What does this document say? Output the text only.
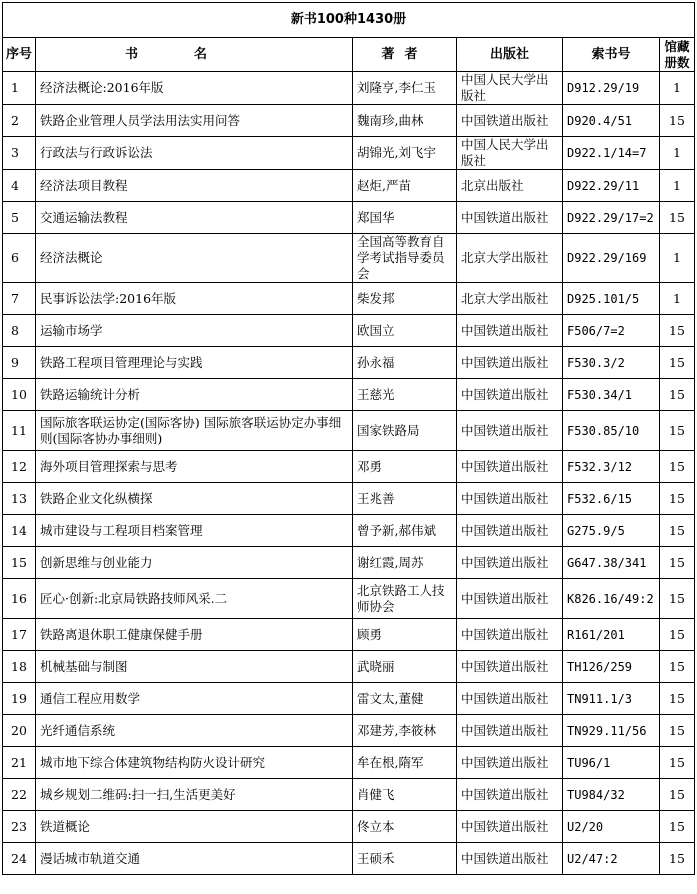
新书100种1430册					
序号	书名	著者	出版社	索书号	馆藏册数
1	经济法概论:2016年版	刘隆亨,李仁玉	中国人民大学出版社	D912.29/19	1
2	铁路企业管理人员学法用法实用问答	魏南珍,曲林	中国铁道出版社	D920.4/51	15
3	行政法与行政诉讼法	胡锦光,刘飞宇	中国人民大学出版社	D922.1/14=7	1
4	经济法项目教程	赵炬,严苗	北京出版社	D922.29/11	1
5	交通运输法教程	郑国华	中国铁道出版社	D922.29/17=2	15
6	经济法概论	全国高等教育自学考试指导委员会	北京大学出版社	D922.29/169	1
7	民事诉讼法学:2016年版	柴发邦	北京大学出版社	D925.101/5	1
8	运输市场学	欧国立	中国铁道出版社	F506/7=2	15
9	铁路工程项目管理理论与实践	孙永福	中国铁道出版社	F530.3/2	15
10	铁路运输统计分析	王慈光	中国铁道出版社	F530.34/1	15
11	国际旅客联运协定(国际客协) 国际旅客联运协定办事细则(国际客协办事细则)	国家铁路局	中国铁道出版社	F530.85/10	15
12	海外项目管理探索与思考	邓勇	中国铁道出版社	F532.3/12	15
13	铁路企业文化纵横探	王兆善	中国铁道出版社	F532.6/15	15
14	城市建设与工程项目档案管理	曾予新,郝伟斌	中国铁道出版社	G275.9/5	15
15	创新思维与创业能力	谢红霞,周苏	中国铁道出版社	G647.38/341	15
16	匠心·创新:北京局铁路技师风采.二	北京铁路工人技师协会	中国铁道出版社	K826.16/49:2	15
17	铁路离退休职工健康保健手册	顾勇	中国铁道出版社	R161/201	15
18	机械基础与制图	武晓丽	中国铁道出版社	TH126/259	15
19	通信工程应用数学	雷文太,董健	中国铁道出版社	TN911.1/3	15
20	光纤通信系统	邓建芳,李筱林	中国铁道出版社	TN929.11/56	15
21	城市地下综合体建筑物结构防火设计研究	牟在根,隋军	中国铁道出版社	TU96/1	15
22	城乡规划二维码:扫一扫,生活更美好	肖健飞	中国铁道出版社	TU984/32	15
23	铁道概论	佟立本	中国铁道出版社	U2/20	15
24	漫话城市轨道交通	王硕禾	中国铁道出版社	U2/47:2	15
